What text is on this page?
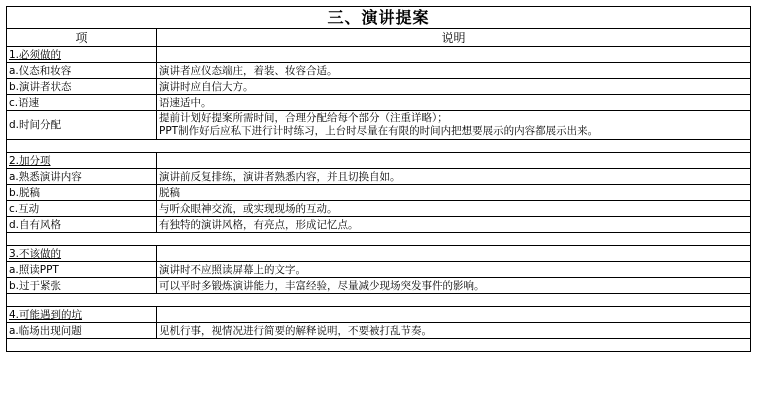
三、演讲提案	
项	说明
1.必须做的	
a.仪态和妆容	演讲者应仪态端庄，着装、妆容合适。

b.演讲者状态	演讲时应自信大方。

c.语速	语速适中。

d.时间分配	提前计划好提案所需时间，合理分配给每个部分（注重详略）；
PPT制作好后应私下进行计时练习，上台时尽量在有限的时间内把想要展示的内容都展示出来。

2.加分项	
a.熟悉演讲内容	演讲前反复排练，演讲者熟悉内容，并且切换自如。

b.脱稿	脱稿

c.互动	与听众眼神交流，或实现现场的互动。

d.自有风格	有独特的演讲风格，有亮点，形成记忆点。

3.不该做的	
a.照读PPT	演讲时不应照读屏幕上的文字。

b.过于紧张	可以平时多锻炼演讲能力，丰富经验，尽量减少现场突发事件的影响。

4.可能遇到的坑	
a.临场出现问题	见机行事，视情况进行简要的解释说明，不要被打乱节奏。
